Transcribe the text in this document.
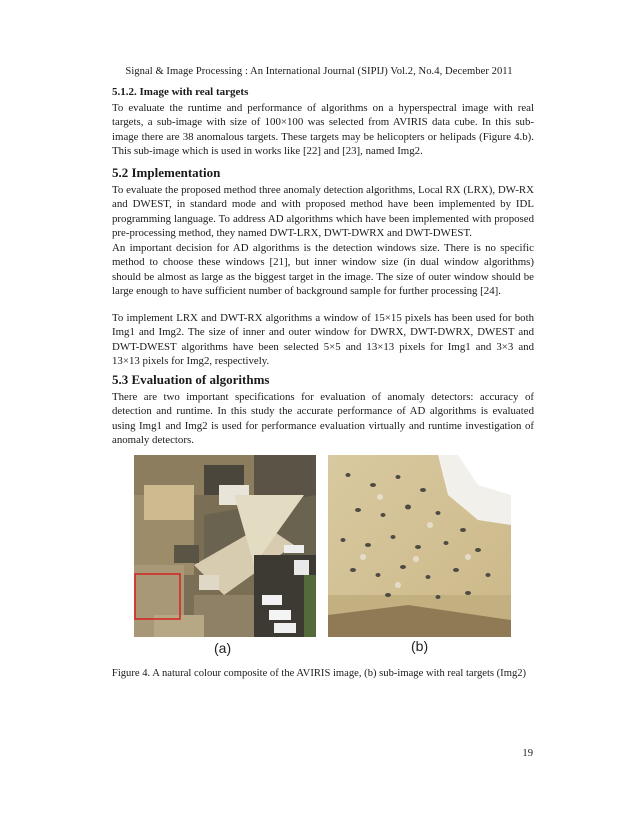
Signal & Image Processing : An International Journal (SIPIJ) Vol.2, No.4, December 2011
5.1.2. Image with real targets

To evaluate the runtime and performance of algorithms on a hyperspectral image with real targets, a sub-image with size of 100×100 was selected from AVIRIS data cube. In this sub-image there are 38 anomalous targets. These targets may be helicopters or helipads (Figure 4.b). This sub-image which is used in works like [22] and [23], named Img2.

5.2 Implementation

To evaluate the proposed method three anomaly detection algorithms, Local RX (LRX), DW-RX and DWEST, in standard mode and with proposed method have been implemented by IDL programming language. To address AD algorithms which have been implemented with proposed pre-processing method, they named DWT-LRX, DWT-DWRX and DWT-DWEST.

An important decision for AD algorithms is the detection windows size. There is no specific method to choose these windows [21], but inner window size (in dual window algorithms) should be almost as large as the biggest target in the image. The size of outer window should be large enough to have sufficient number of background sample for further processing [24].

To implement LRX and DWT-RX algorithms a window of 15×15 pixels has been used for both Img1 and Img2. The size of inner and outer window for DWRX, DWT-DWRX, DWEST and DWT-DWEST algorithms have been selected 5×5 and 13×13 pixels for Img1 and 3×3 and 13×13 pixels for Img2, respectively.

5.3 Evaluation of algorithms

There are two important specifications for evaluation of anomaly detectors: accuracy of detection and runtime. In this study the accurate performance of AD algorithms is evaluated using Img1 and Img2 is used for performance evaluation virtually and runtime investigation of anomaly detectors.

(a)	(b)
Figure 4. A natural colour composite of the AVIRIS image, (b) sub-image with real targets (Img2)
19
